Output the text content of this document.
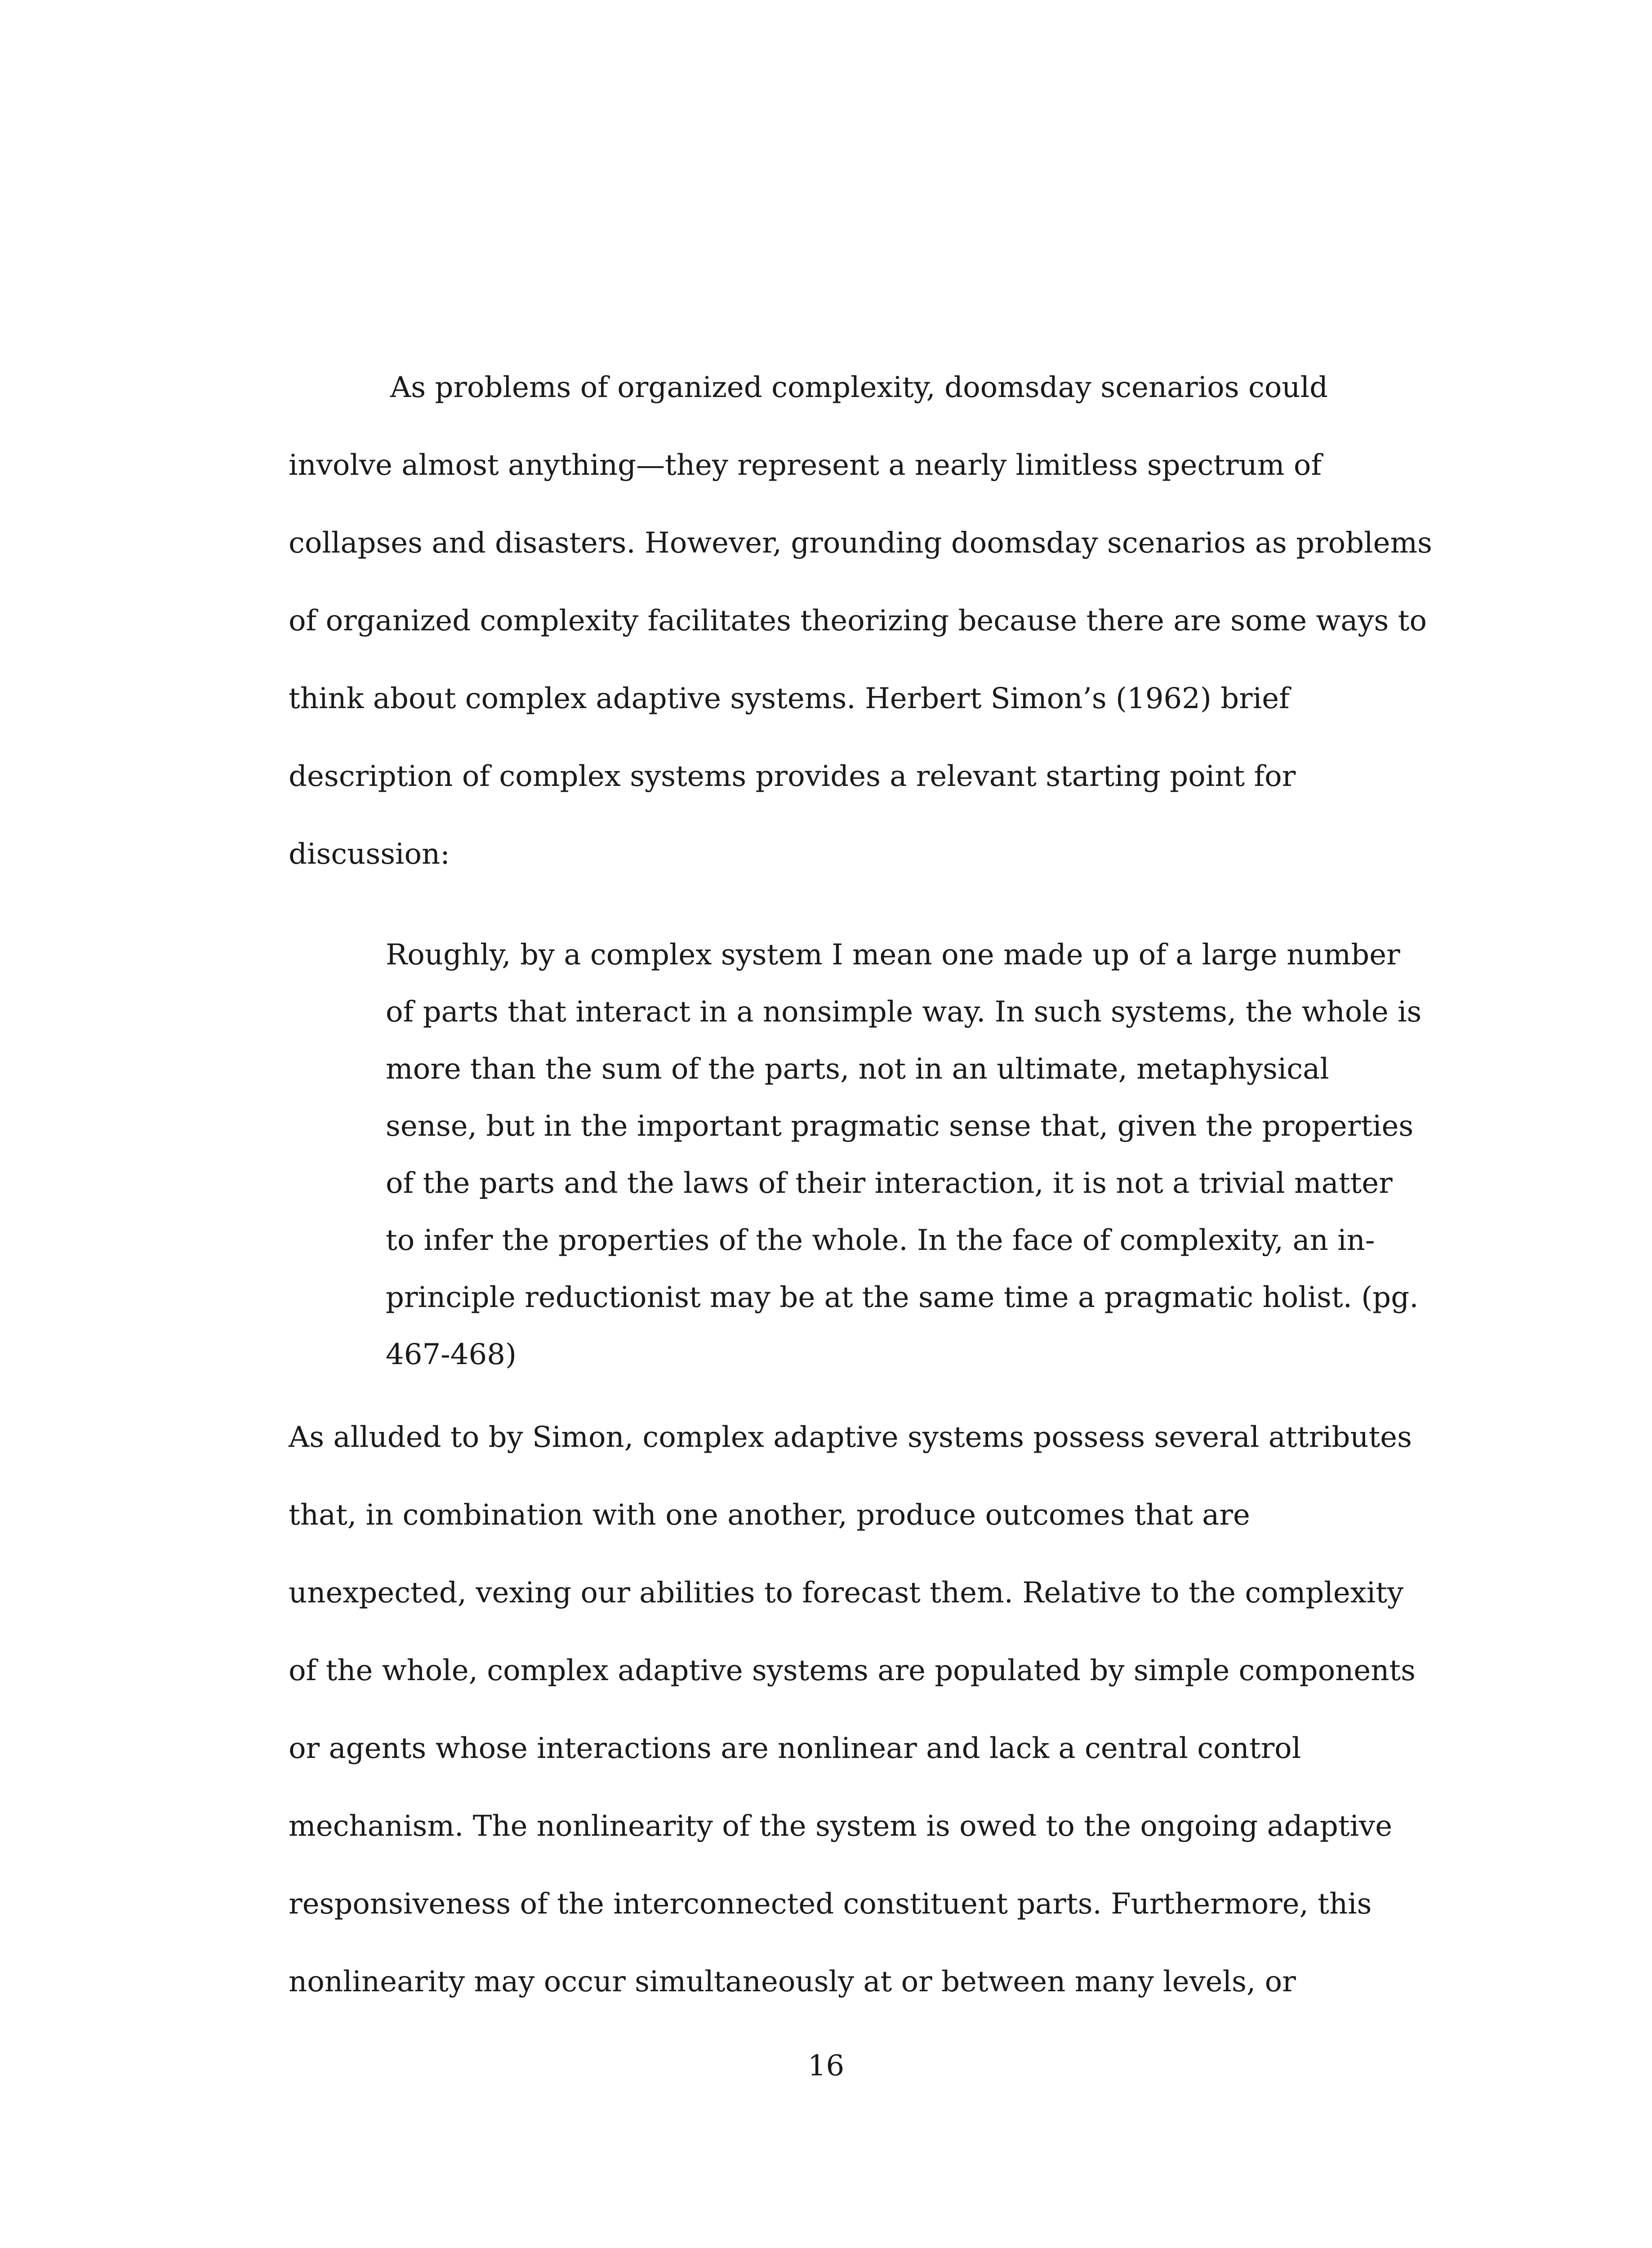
As problems of organized complexity, doomsday scenarios could

involve almost anything—they represent a nearly limitless spectrum of

collapses and disasters. However, grounding doomsday scenarios as problems

of organized complexity facilitates theorizing because there are some ways to

think about complex adaptive systems. Herbert Simon’s (1962) brief

description of complex systems provides a relevant starting point for

discussion:

Roughly, by a complex system I mean one made up of a large number

of parts that interact in a nonsimple way. In such systems, the whole is

more than the sum of the parts, not in an ultimate, metaphysical

sense, but in the important pragmatic sense that, given the properties

of the parts and the laws of their interaction, it is not a trivial matter

to infer the properties of the whole. In the face of complexity, an in-

principle reductionist may be at the same time a pragmatic holist. (pg.

467-468)

As alluded to by Simon, complex adaptive systems possess several attributes

that, in combination with one another, produce outcomes that are

unexpected, vexing our abilities to forecast them. Relative to the complexity

of the whole, complex adaptive systems are populated by simple components

or agents whose interactions are nonlinear and lack a central control

mechanism. The nonlinearity of the system is owed to the ongoing adaptive

responsiveness of the interconnected constituent parts. Furthermore, this

nonlinearity may occur simultaneously at or between many levels, or

16
